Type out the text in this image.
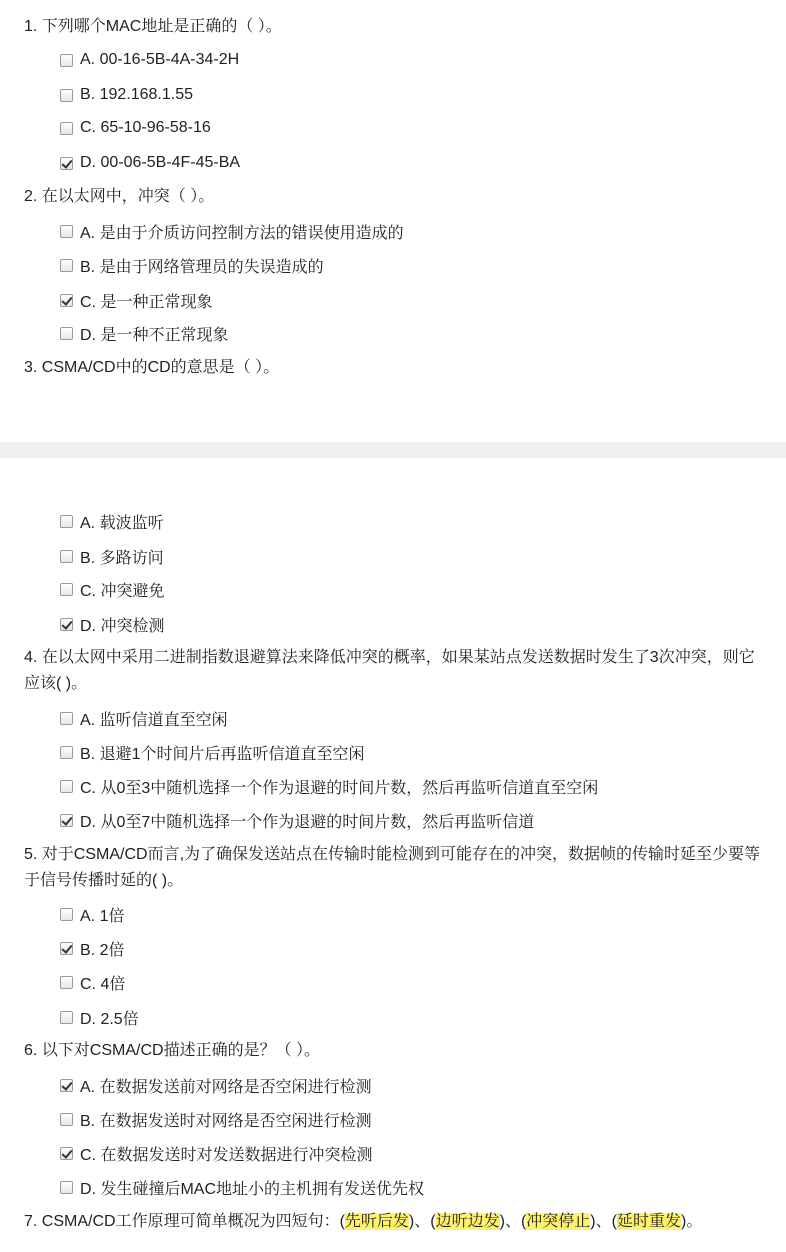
1. 下列哪个MAC地址是正确的（ ）。
A. 00-16-5B-4A-34-2H
B. 192.168.1.55
C. 65-10-96-58-16
D. 00-06-5B-4F-45-BA
2. 在以太网中，冲突（ ）。
A. 是由于介质访问控制方法的错误使用造成的
B. 是由于网络管理员的失误造成的
C. 是一种正常现象
D. 是一种不正常现象
3. CSMA/CD中的CD的意思是（ ）。
A. 载波监听
B. 多路访问
C. 冲突避免
D. 冲突检测
4. 在以太网中采用二进制指数退避算法来降低冲突的概率，如果某站点发送数据时发生了3次冲突，则它应该( )。
A. 监听信道直至空闲
B. 退避1个时间片后再监听信道直至空闲
C. 从0至3中随机选择一个作为退避的时间片数，然后再监听信道直至空闲
D. 从0至7中随机选择一个作为退避的时间片数，然后再监听信道
5. 对于CSMA/CD而言,为了确保发送站点在传输时能检测到可能存在的冲突，数据帧的传输时延至少要等于信号传播时延的( )。
A. 1倍
B. 2倍
C. 4倍
D. 2.5倍
6. 以下对CSMA/CD描述正确的是？（ ）。
A. 在数据发送前对网络是否空闲进行检测
B. 在数据发送时对网络是否空闲进行检测
C. 在数据发送时对发送数据进行冲突检测
D. 发生碰撞后MAC地址小的主机拥有发送优先权
7. CSMA/CD工作原理可简单概况为四短句：(先听后发)、(边听边发)、(冲突停止)、(延时重发)。
